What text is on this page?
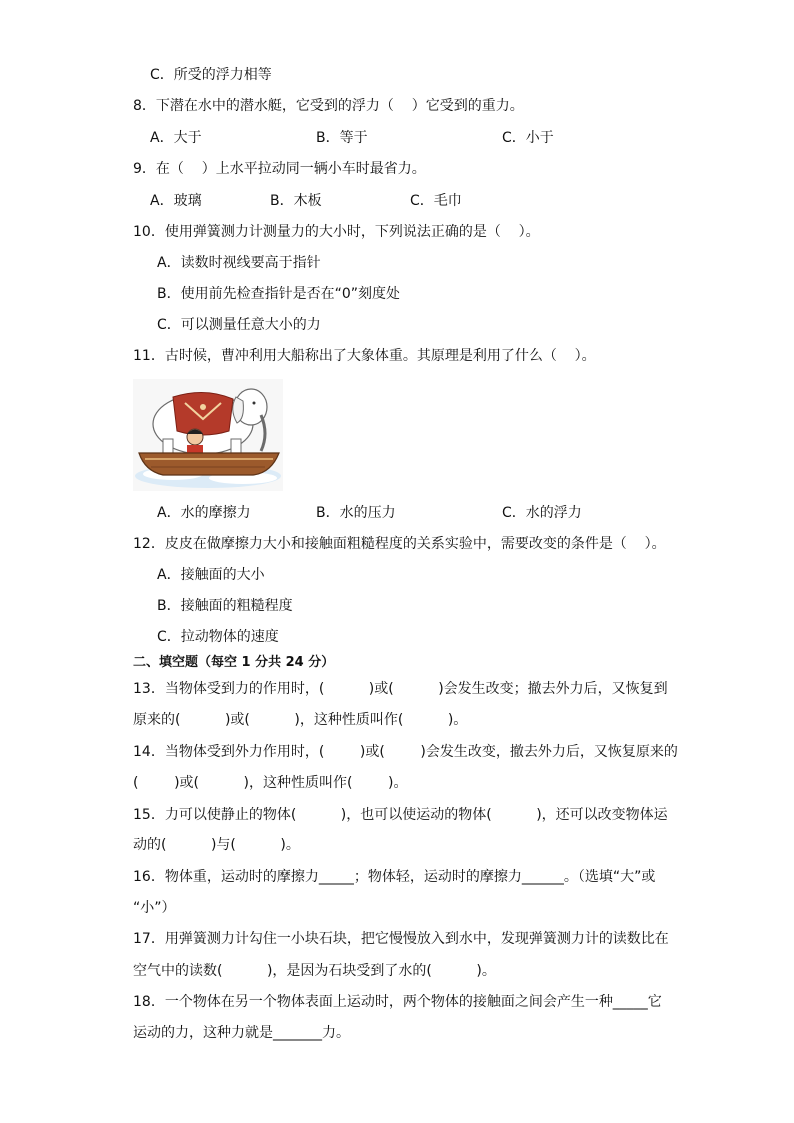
C．所受的浮力相等
8．下潜在水中的潜水艇，它受到的浮力（    ）它受到的重力。
A．大于	B．等于	C．小于
9．在（    ）上水平拉动同一辆小车时最省力。
A．玻璃	B．木板	C．毛巾
10．使用弹簧测力计测量力的大小时，下列说法正确的是（    ）。
A．读数时视线要高于指针
B．使用前先检查指针是否在“0”刻度处
C．可以测量任意大小的力
11．古时候，曹冲利用大船称出了大象体重。其原理是利用了什么（    ）。
A．水的摩擦力	B．水的压力	C．水的浮力
12．皮皮在做摩擦力大小和接触面粗糙程度的关系实验中，需要改变的条件是（    ）。
A．接触面的大小
B．接触面的粗糙程度
C．拉动物体的速度
二、填空题（每空 1 分共 24 分）
13．当物体受到力的作用时，(          )或(          )会发生改变；撤去外力后，又恢复到
原来的(          )或(          )，这种性质叫作(          )。
14．当物体受到外力作用时，(        )或(        )会发生改变，撤去外力后，又恢复原来的
(        )或(          )，这种性质叫作(        )。
15．力可以使静止的物体(          )，也可以使运动的物体(          )，还可以改变物体运
动的(          )与(          )。
16．物体重，运动时的摩擦力_____；物体轻，运动时的摩擦力______。（选填“大”或
“小”）
17．用弹簧测力计勾住一小块石块，把它慢慢放入到水中，发现弹簧测力计的读数比在
空气中的读数(          )，是因为石块受到了水的(          )。
18．一个物体在另一个物体表面上运动时，两个物体的接触面之间会产生一种_____它
运动的力，这种力就是_______力。
